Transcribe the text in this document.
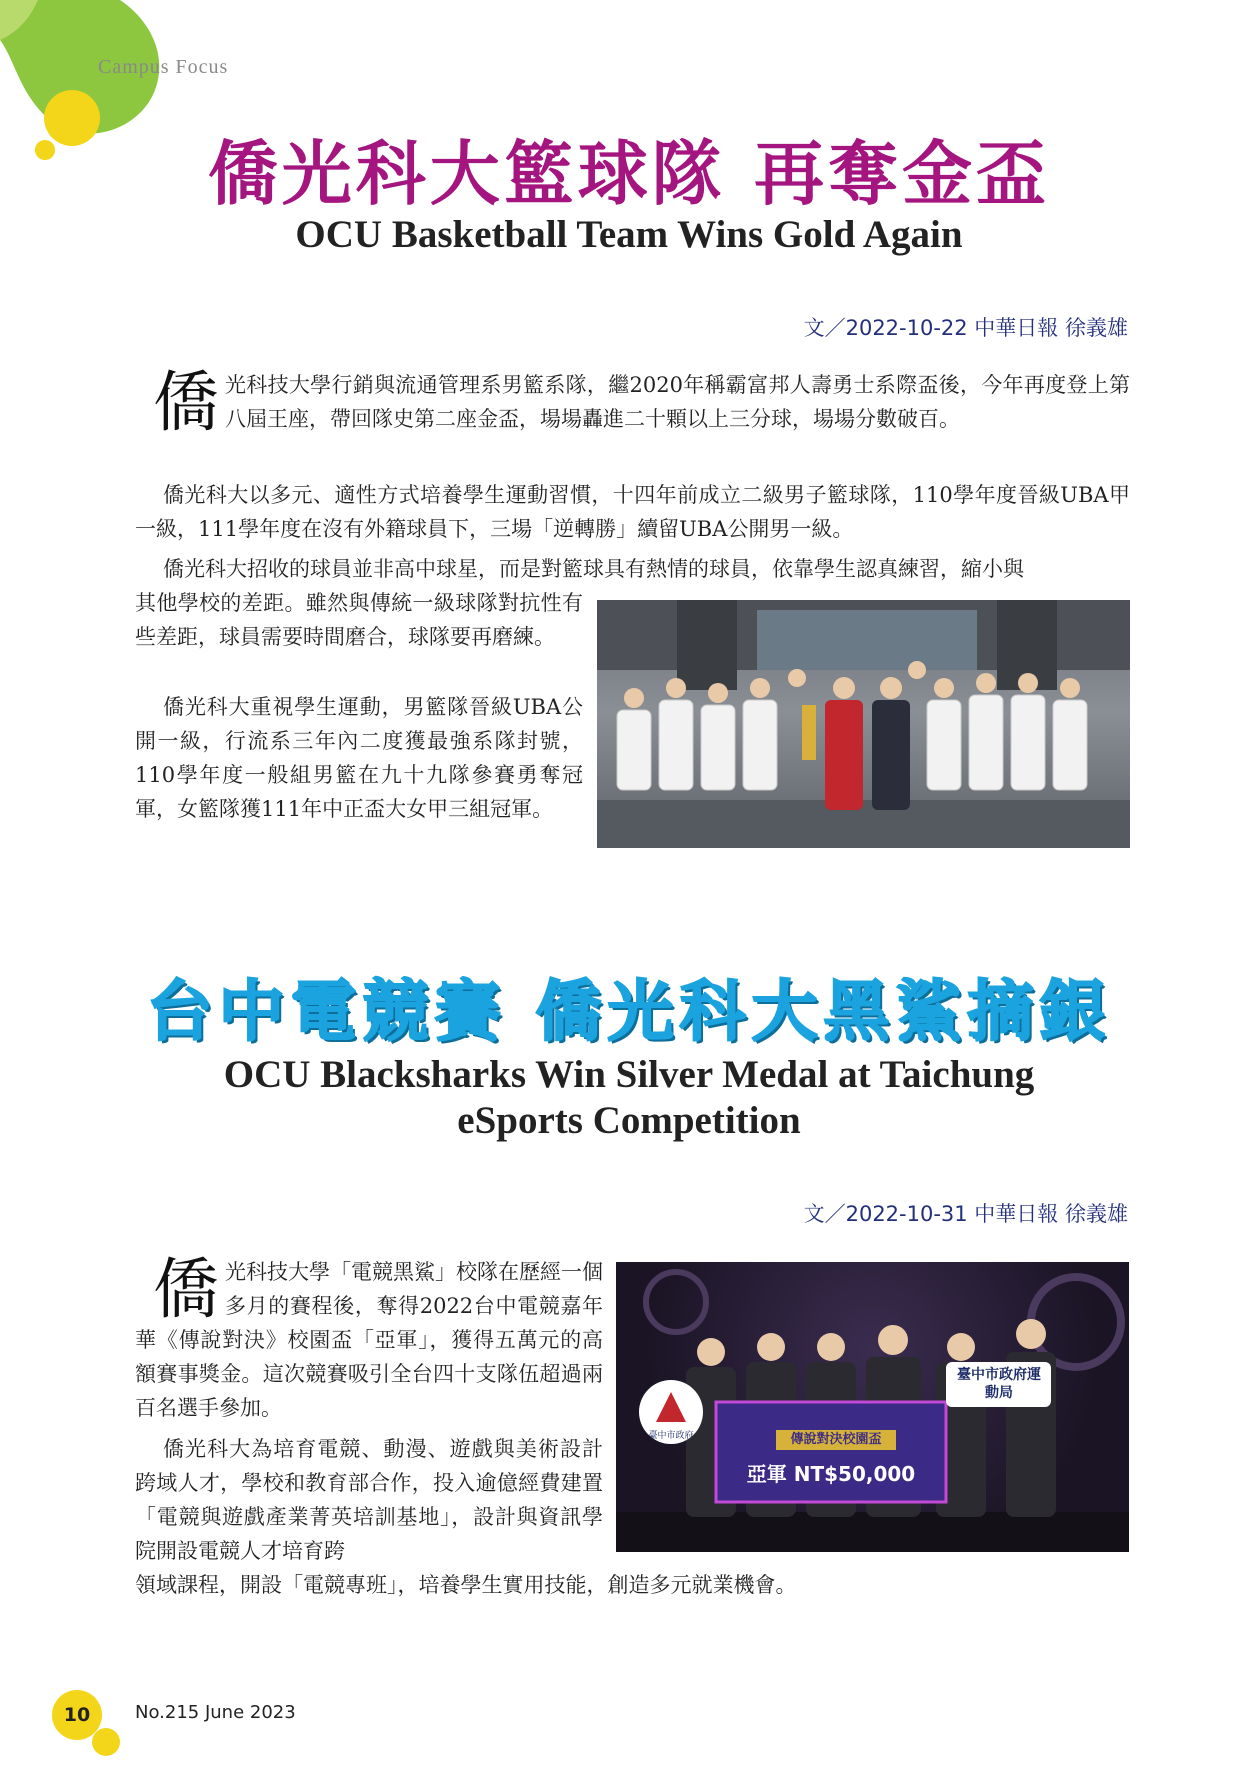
Campus Focus
僑光科大籃球隊 再奪金盃
OCU Basketball Team Wins Gold Again
文／2022-10-22 中華日報 徐義雄
僑光科技大學行銷與流通管理系男籃系隊，繼2020年稱霸富邦人壽勇士系際盃後，今年再度登上第八屆王座，帶回隊史第二座金盃，場場轟進二十顆以上三分球，場場分數破百。
僑光科大以多元、適性方式培養學生運動習慣，十四年前成立二級男子籃球隊，110學年度晉級UBA甲一級，111學年度在沒有外籍球員下，三場「逆轉勝」續留UBA公開男一級。
僑光科大招收的球員並非高中球星，而是對籃球具有熱情的球員，依靠學生認真練習，縮小與
其他學校的差距。雖然與傳統一級球隊對抗性有些差距，球員需要時間磨合，球隊要再磨練。
僑光科大重視學生運動，男籃隊晉級UBA公開一級，行流系三年內二度獲最強系隊封號，110學年度一般組男籃在九十九隊參賽勇奪冠軍，女籃隊獲111年中正盃大女甲三組冠軍。
台中電競賽 僑光科大黑鯊摘銀
OCU Blacksharks Win Silver Medal at Taichung
eSports Competition
文／2022-10-31 中華日報 徐義雄
僑光科技大學「電競黑鯊」校隊在歷經一個多月的賽程後，奪得2022台中電競嘉年華《傳說對決》校園盃「亞軍」，獲得五萬元的高額賽事獎金。這次競賽吸引全台四十支隊伍超過兩百名選手參加。
僑光科大為培育電競、動漫、遊戲與美術設計跨域人才，學校和教育部合作，投入逾億經費建置「電競與遊戲產業菁英培訓基地」，設計與資訊學院開設電競人才培育跨
領域課程，開設「電競專班」，培養學生實用技能，創造多元就業機會。
傳說對決校園盃
亞軍 NT$50,000
臺中市政府運動局
臺中市政府
10	No.215 June 2023
